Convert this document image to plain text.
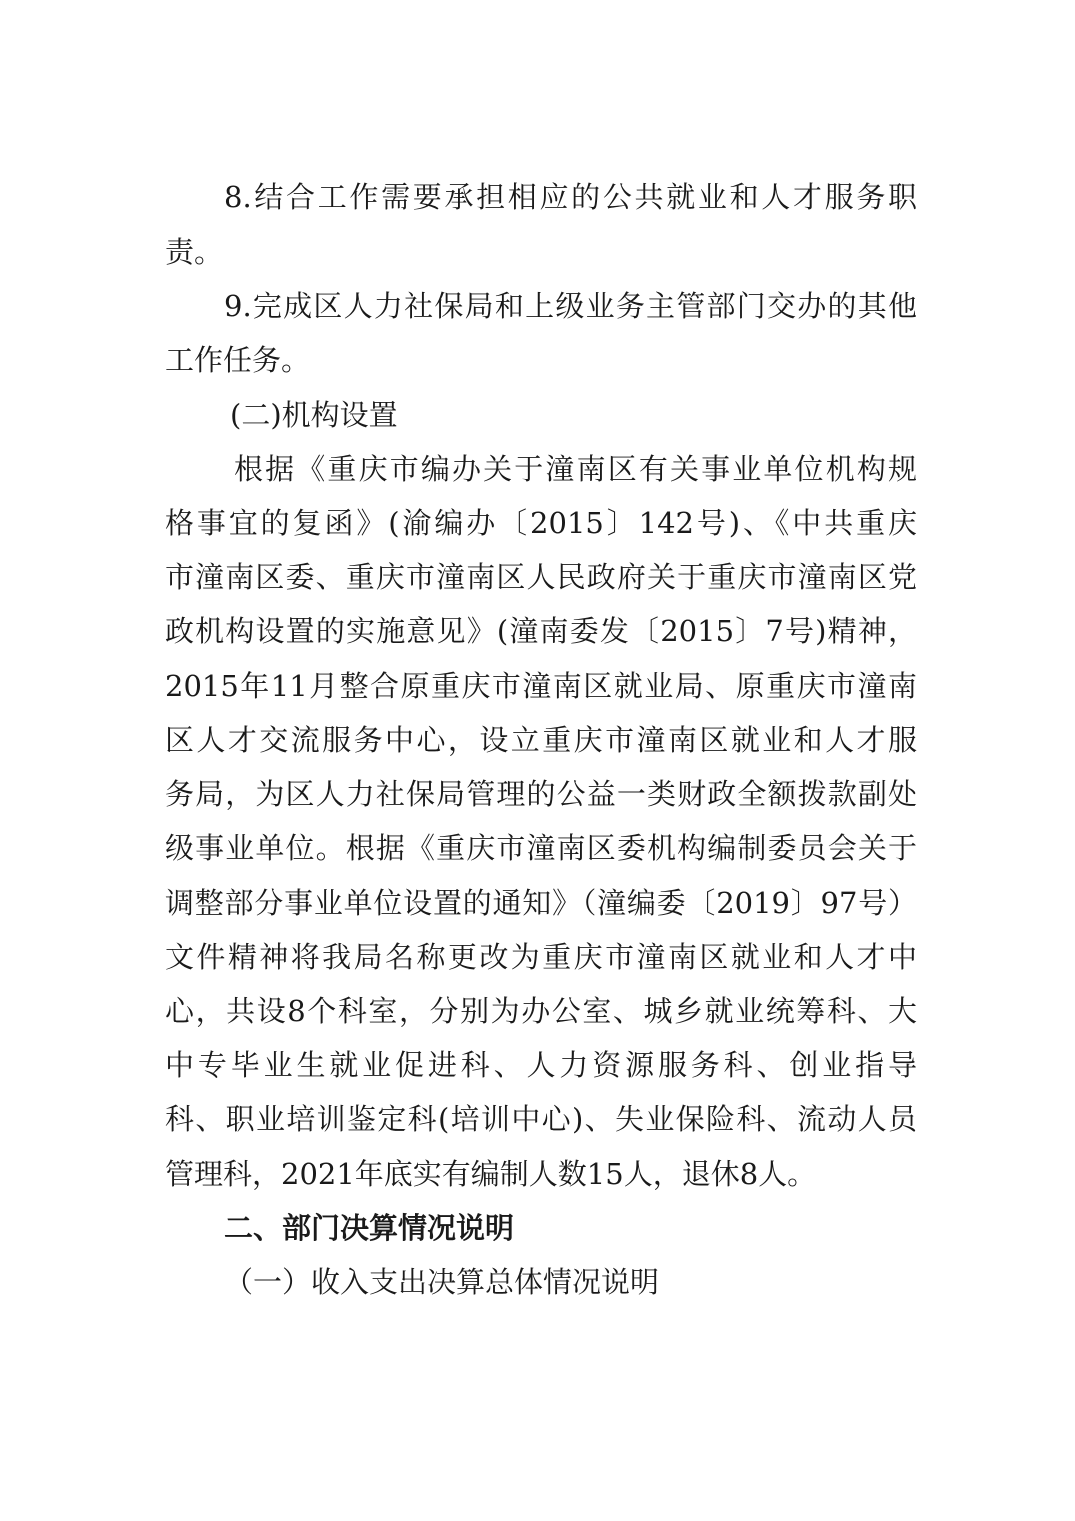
8.结合工作需要承担相应的公共就业和人才服务职

责。

9.完成区人力社保局和上级业务主管部门交办的其他

工作任务。

(二)机构设置

根据《重庆市编办关于潼南区有关事业单位机构规

格事宜的复函》(渝编办〔2015〕142号)、《中共重庆

市潼南区委、重庆市潼南区人民政府关于重庆市潼南区党

政机构设置的实施意见》(潼南委发〔2015〕7号)精神，

2015年11月整合原重庆市潼南区就业局、原重庆市潼南

区人才交流服务中心，设立重庆市潼南区就业和人才服

务局，为区人力社保局管理的公益一类财政全额拨款副处

级事业单位。根据《重庆市潼南区委机构编制委员会关于

调整部分事业单位设置的通知》（潼编委〔2019〕97号）

文件精神将我局名称更改为重庆市潼南区就业和人才中

心，共设8个科室，分别为办公室、城乡就业统筹科、大

中专毕业生就业促进科、人力资源服务科、创业指导

科、职业培训鉴定科(培训中心)、失业保险科、流动人员

管理科，2021年底实有编制人数15人，退休8人。

二、部门决算情况说明

（一）收入支出决算总体情况说明
